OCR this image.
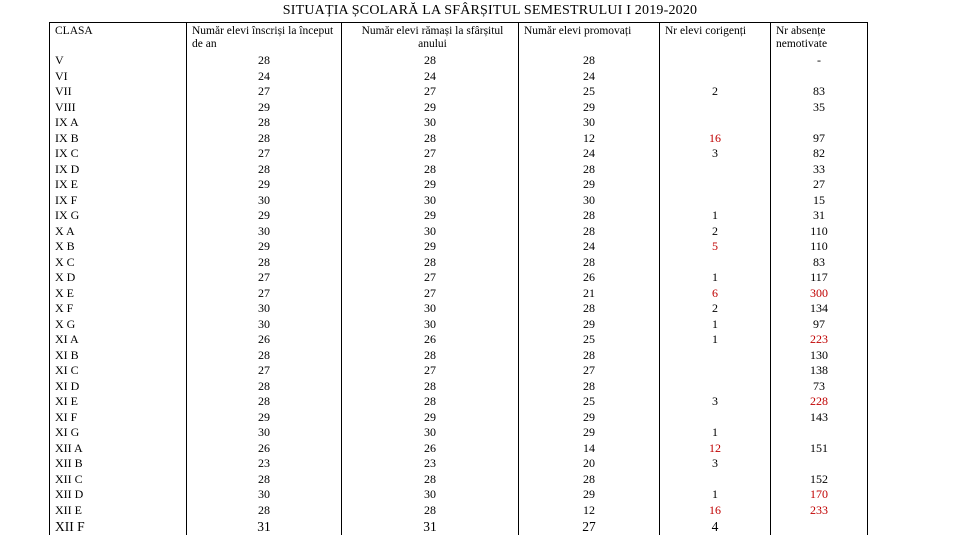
SITUAȚIA ȘCOLARĂ LA SFÂRȘITUL SEMESTRULUI I 2019-2020
CLASA	Număr elevi înscriși la început de an	Număr elevi rămași la sfârșitul anului	Număr elevi promovați	Nr elevi corigenți	Nr absențe nemotivate
V	28	28	28		-
VI	24	24	24		
VII	27	27	25	2	83
VIII	29	29	29		35
IX A	28	30	30		
IX B	28	28	12	16	97
IX C	27	27	24	3	82
IX D	28	28	28		33
IX E	29	29	29		27
IX F	30	30	30		15
IX G	29	29	28	1	31
X A	30	30	28	2	110
X B	29	29	24	5	110
X C	28	28	28		83
X D	27	27	26	1	117
X E	27	27	21	6	300
X F	30	30	28	2	134
X G	30	30	29	1	97
XI A	26	26	25	1	223
XI B	28	28	28		130
XI C	27	27	27		138
XI D	28	28	28		73
XI E	28	28	25	3	228
XI F	29	29	29		143
XI G	30	30	29	1	
XII A	26	26	14	12	151
XII B	23	23	20	3	
XII C	28	28	28		152
XII D	30	30	29	1	170
XII E	28	28	12	16	233
XII F	31	31	27	4	
